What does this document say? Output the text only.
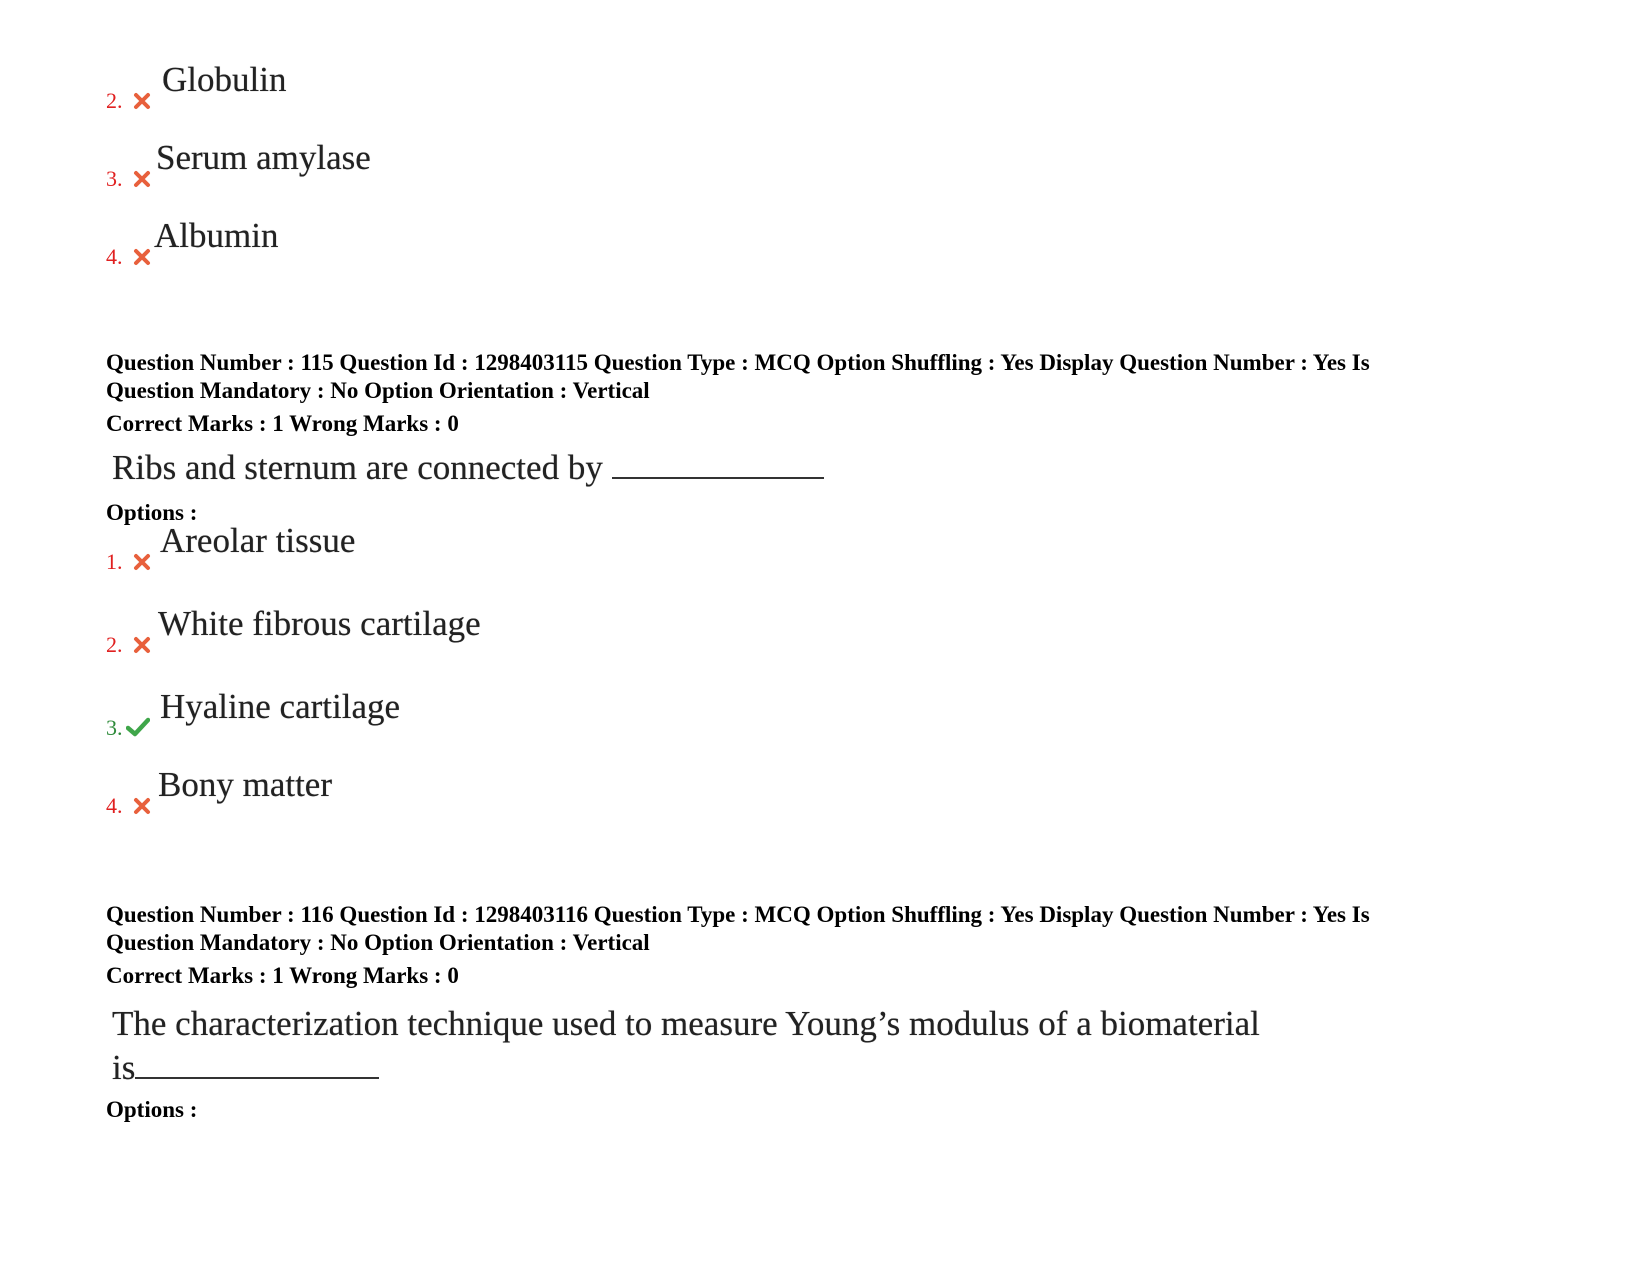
2.
Globulin
3.
Serum amylase
4.
Albumin
Question Number : 115 Question Id : 1298403115 Question Type : MCQ Option Shuffling : Yes Display Question Number : Yes Is
Question Mandatory : No Option Orientation : Vertical
Correct Marks : 1 Wrong Marks : 0
Ribs and sternum are connected by
Options :
1.
Areolar tissue
2.
White fibrous cartilage
3.
Hyaline cartilage
4.
Bony matter
Question Number : 116 Question Id : 1298403116 Question Type : MCQ Option Shuffling : Yes Display Question Number : Yes Is
Question Mandatory : No Option Orientation : Vertical
Correct Marks : 1 Wrong Marks : 0
The characterization technique used to measure Young’s modulus of a biomaterial
is
Options :
